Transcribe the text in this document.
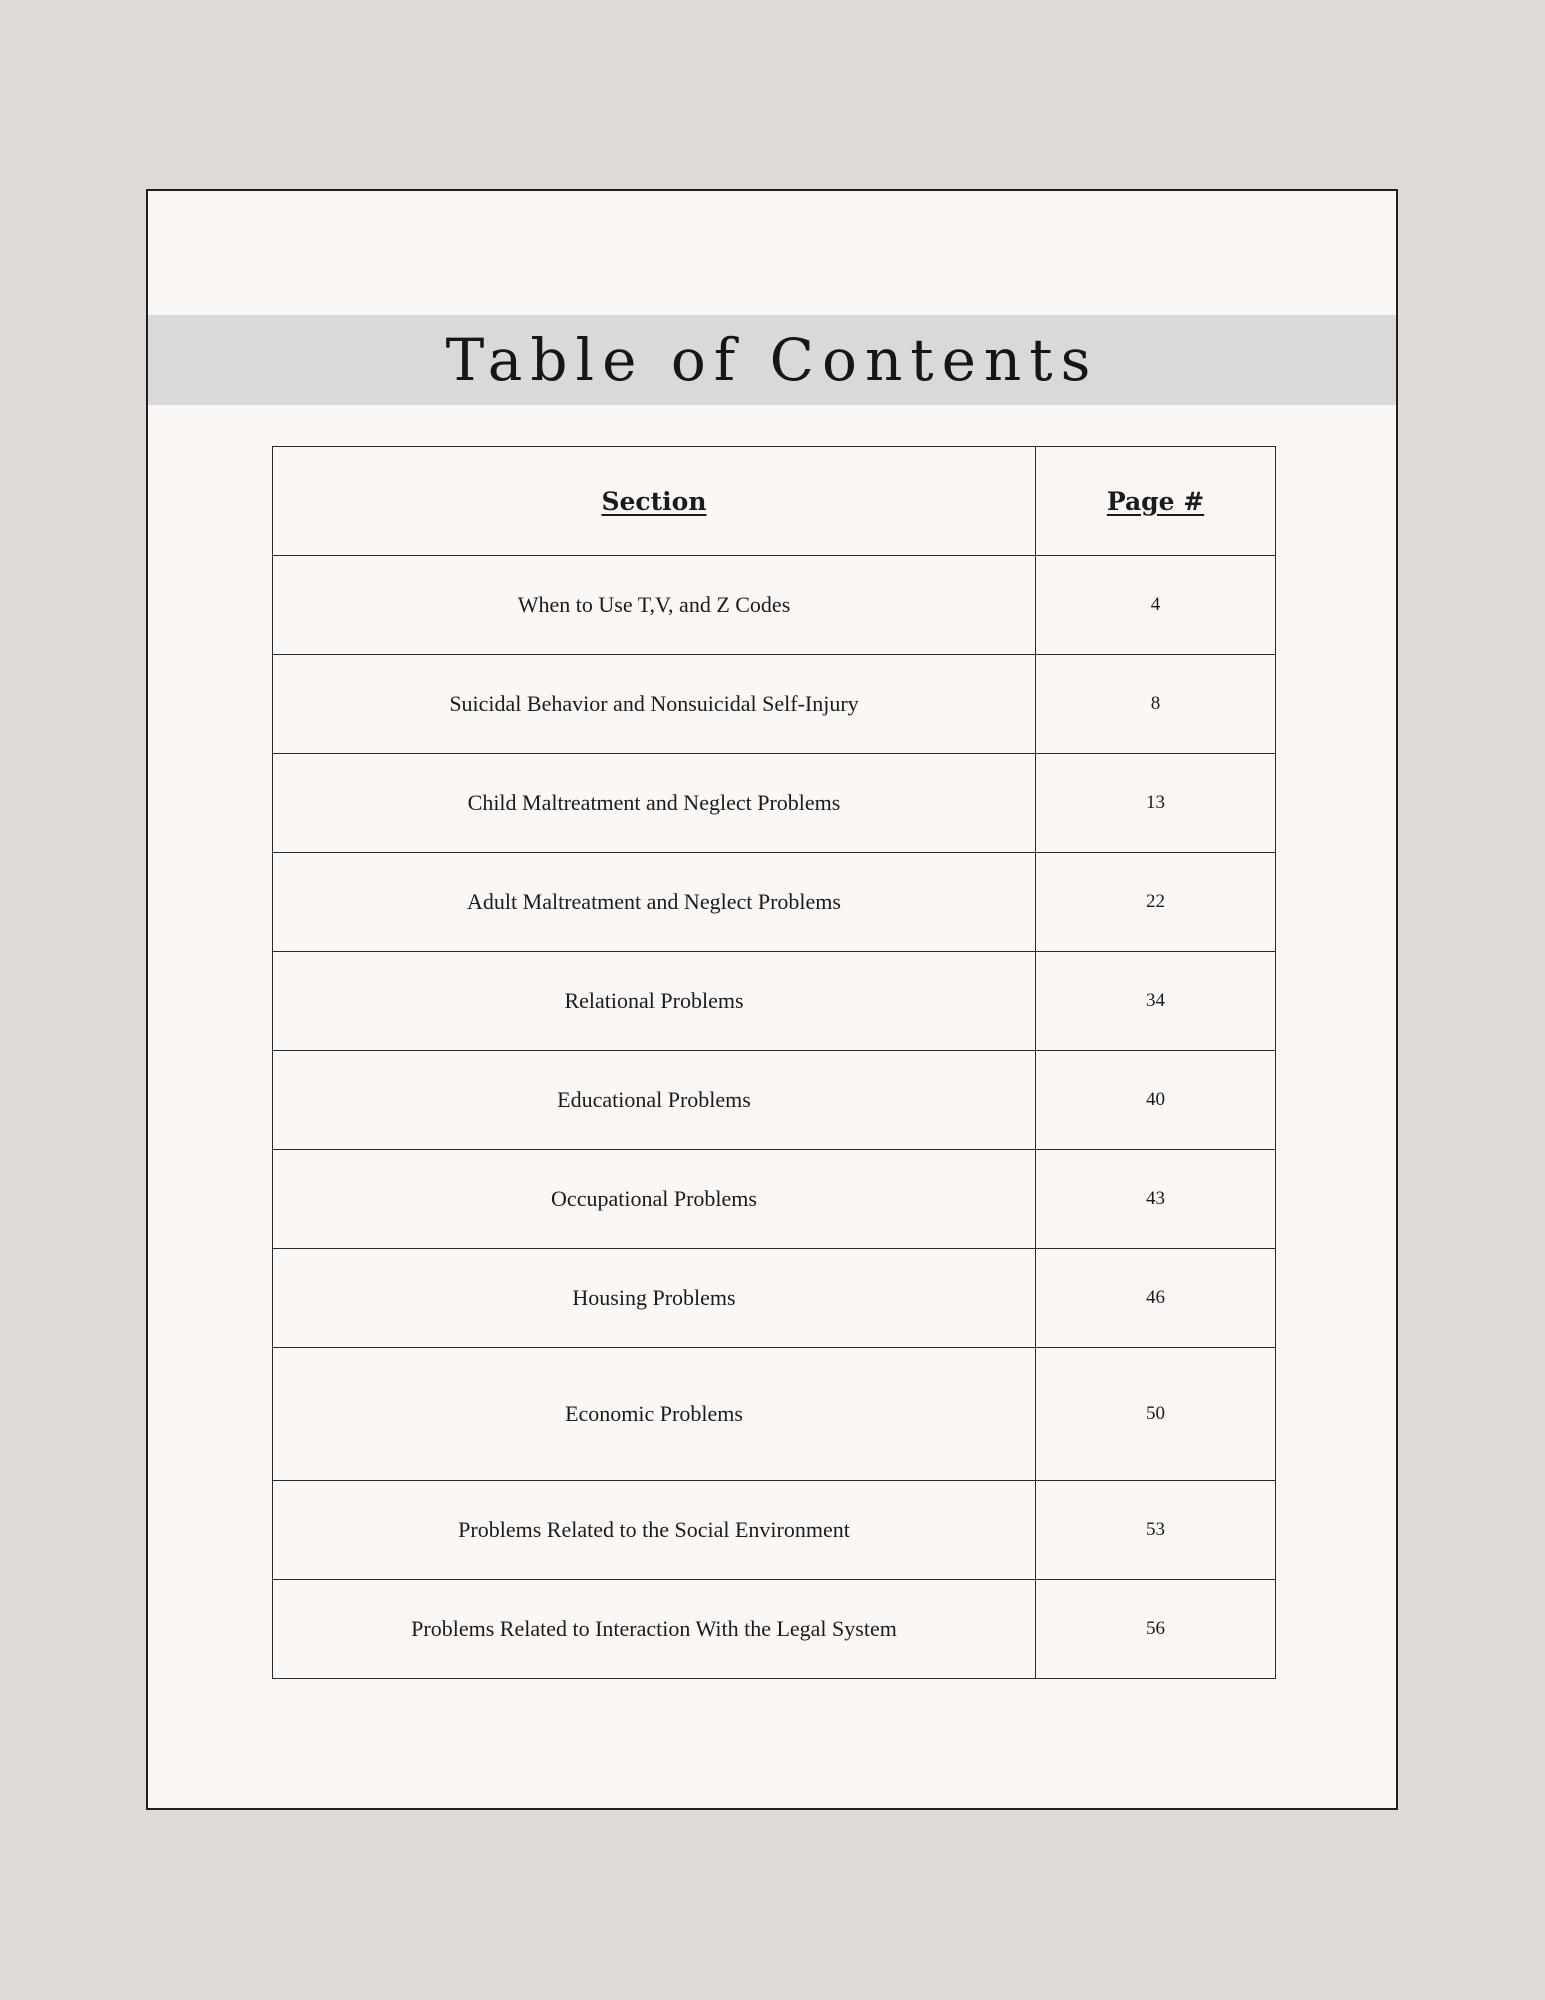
Table of Contents
Section	Page #
When to Use T,V, and Z Codes	4
Suicidal Behavior and Nonsuicidal Self-Injury	8
Child Maltreatment and Neglect Problems	13
Adult Maltreatment and Neglect Problems	22
Relational Problems	34
Educational Problems	40
Occupational Problems	43
Housing Problems	46
Economic Problems	50
Problems Related to the Social Environment	53
Problems Related to Interaction With the Legal System	56
